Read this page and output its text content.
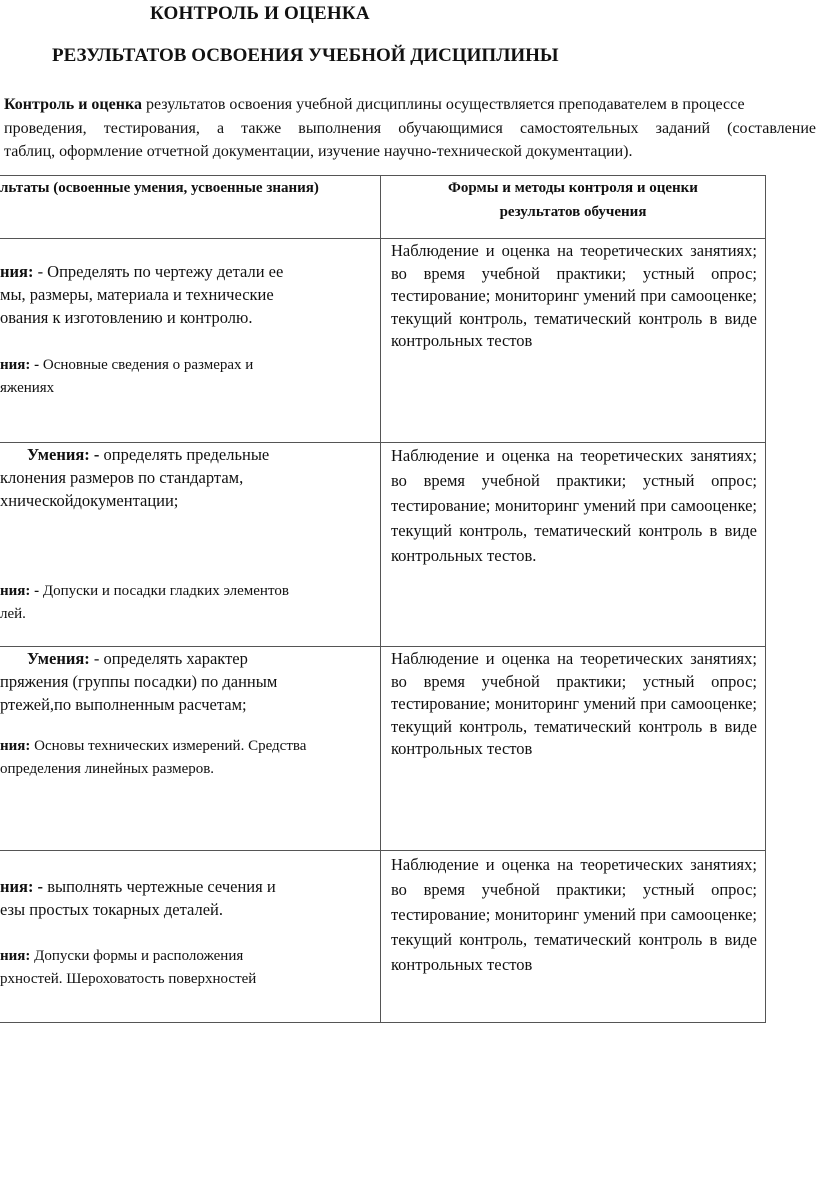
КОНТРОЛЬ И ОЦЕНКА
РЕЗУЛЬТАТОВ ОСВОЕНИЯ УЧЕБНОЙ ДИСЦИПЛИНЫ
Контроль и оценка результатов освоения учебной дисциплины осуществляется преподавателем в процессе
проведения, тестирования, а также выполнения обучающимися самостоятельных заданий (составление
таблиц, оформление отчетной документации, изучение научно-технической документации).
льтаты (освоенные умения, усвоенные знания)	Формы и методы контроля и оценки
результатов обучения
ния: - Определять по чертежу детали ее
мы, размеры, материала и технические
ования к изготовлению и контролю.
ния: - Основные сведения о размерах и
яжениях
Наблюдение и оценка на теоретических занятиях; во время учебной практики; устный опрос; тестирование; мониторинг умений при самооценке; текущий контроль, тематический контроль в виде контрольных тестов
Умения: - определять предельные
клонения размеров по стандартам,
хническойдокументации;
ния: - Допуски и посадки гладких элементов
лей.
Наблюдение и оценка на теоретических занятиях; во время учебной практики; устный опрос; тестирование; мониторинг умений при самооценке; текущий контроль, тематический контроль в виде контрольных тестов.
Умения: - определять характер
пряжения (группы посадки) по данным
ртежей,по выполненным расчетам;
ния: Основы технических измерений. Средства
определения линейных размеров.
Наблюдение и оценка на теоретических занятиях; во время учебной практики; устный опрос; тестирование; мониторинг умений при самооценке; текущий контроль, тематический контроль в виде контрольных тестов
ния: - выполнять чертежные сечения и
езы простых токарных деталей.
ния: Допуски формы и расположения
рхностей. Шероховатость поверхностей
Наблюдение и оценка на теоретических занятиях; во время учебной практики; устный опрос; тестирование; мониторинг умений при самооценке; текущий контроль, тематический контроль в виде контрольных тестов
